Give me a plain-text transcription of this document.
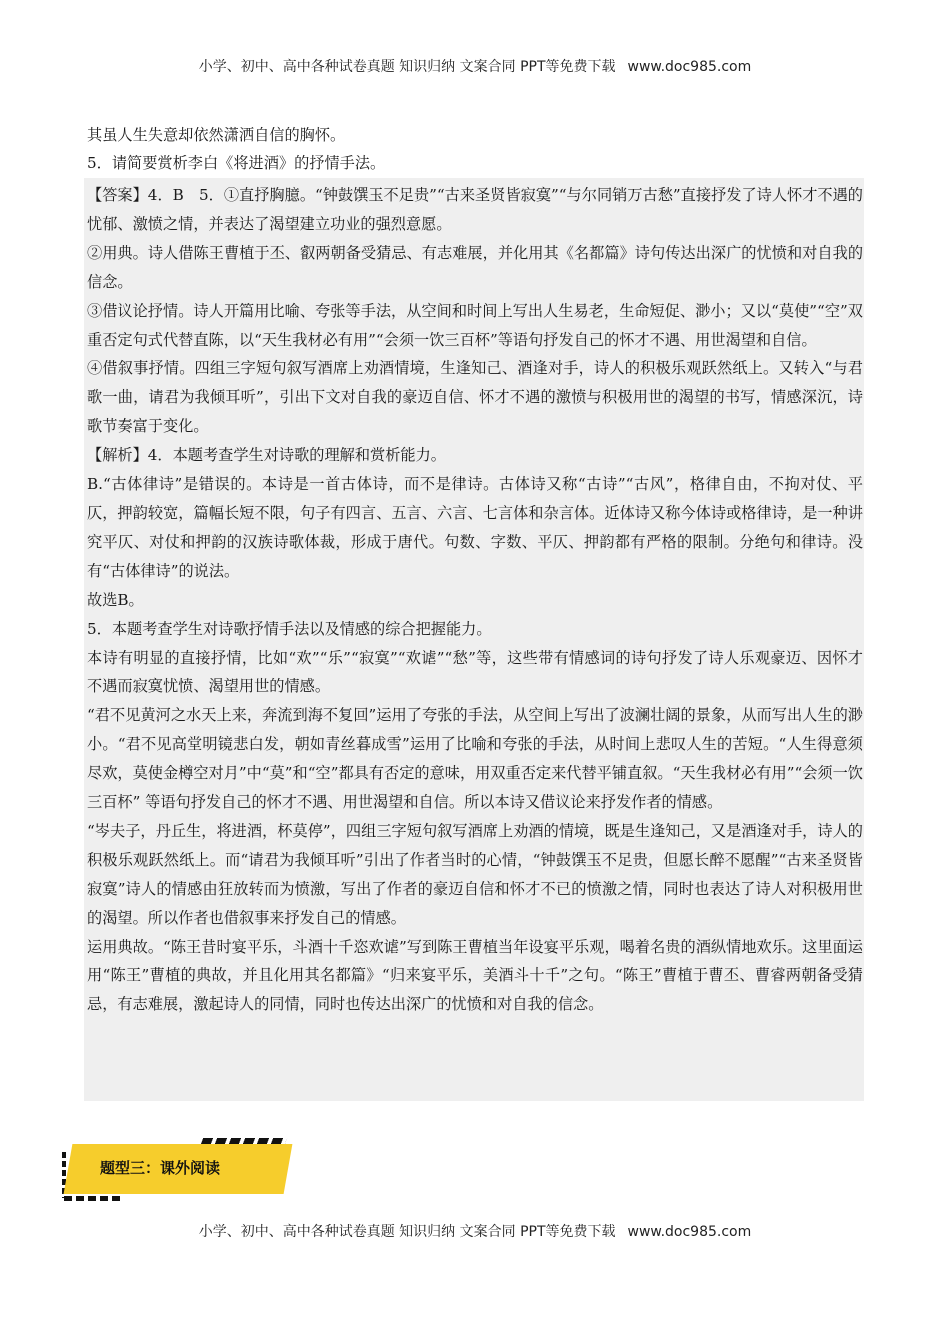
小学、初中、高中各种试卷真题 知识归纳 文案合同 PPT等免费下载 www.doc985.com

其虽人生失意却依然潇洒自信的胸怀。

5．请简要赏析李白《将进酒》的抒情手法。

【答案】4．B　5．①直抒胸臆。“钟鼓馔玉不足贵”“古来圣贤皆寂寞”“与尔同销万古愁”直接抒发了诗人怀才不遇的忧郁、激愤之情，并表达了渴望建立功业的强烈意愿。

②用典。诗人借陈王曹植于丕、叡两朝备受猜忌、有志难展，并化用其《名都篇》诗句传达出深广的忧愤和对自我的信念。

③借议论抒情。诗人开篇用比喻、夸张等手法，从空间和时间上写出人生易老，生命短促、渺小；又以“莫使”“空”双重否定句式代替直陈，以“天生我材必有用”“会须一饮三百杯”等语句抒发自己的怀才不遇、用世渴望和自信。

④借叙事抒情。四组三字短句叙写酒席上劝酒情境，生逢知己、酒逢对手，诗人的积极乐观跃然纸上。又转入“与君歌一曲，请君为我倾耳听”，引出下文对自我的豪迈自信、怀才不遇的激愤与积极用世的渴望的书写，情感深沉，诗歌节奏富于变化。

【解析】4．本题考查学生对诗歌的理解和赏析能力。

B.“古体律诗”是错误的。本诗是一首古体诗，而不是律诗。古体诗又称“古诗”“古风”，格律自由，不拘对仗、平仄，押韵较宽，篇幅长短不限，句子有四言、五言、六言、七言体和杂言体。近体诗又称今体诗或格律诗，是一种讲究平仄、对仗和押韵的汉族诗歌体裁，形成于唐代。句数、字数、平仄、押韵都有严格的限制。分绝句和律诗。没有“古体律诗”的说法。

故选B。

5．本题考查学生对诗歌抒情手法以及情感的综合把握能力。

本诗有明显的直接抒情，比如“欢”“乐”“寂寞”“欢谑”“愁”等，这些带有情感词的诗句抒发了诗人乐观豪迈、因怀才不遇而寂寞忧愤、渴望用世的情感。

“君不见黄河之水天上来，奔流到海不复回”运用了夸张的手法，从空间上写出了波澜壮阔的景象，从而写出人生的渺小。“君不见高堂明镜悲白发，朝如青丝暮成雪”运用了比喻和夸张的手法，从时间上悲叹人生的苦短。“人生得意须尽欢，莫使金樽空对月”中“莫”和“空”都具有否定的意味，用双重否定来代替平铺直叙。“天生我材必有用”“会须一饮三百杯” 等语句抒发自己的怀才不遇、用世渴望和自信。所以本诗又借议论来抒发作者的情感。

“岑夫子，丹丘生，将进酒，杯莫停”，四组三字短句叙写酒席上劝酒的情境，既是生逢知己，又是酒逢对手，诗人的积极乐观跃然纸上。而“请君为我倾耳听”引出了作者当时的心情，“钟鼓馔玉不足贵，但愿长醉不愿醒”“古来圣贤皆寂寞”诗人的情感由狂放转而为愤激，写出了作者的豪迈自信和怀才不已的愤激之情，同时也表达了诗人对积极用世的渴望。所以作者也借叙事来抒发自己的情感。

运用典故。“陈王昔时宴平乐，斗酒十千恣欢谑”写到陈王曹植当年设宴平乐观，喝着名贵的酒纵情地欢乐。这里面运用“陈王”曹植的典故，并且化用其名都篇》“归来宴平乐，美酒斗十千”之句。“陈王”曹植于曹丕、曹睿两朝备受猜忌，有志难展，激起诗人的同情，同时也传达出深广的忧愤和对自我的信念。

题型三：课外阅读
小学、初中、高中各种试卷真题 知识归纳 文案合同 PPT等免费下载 www.doc985.com
